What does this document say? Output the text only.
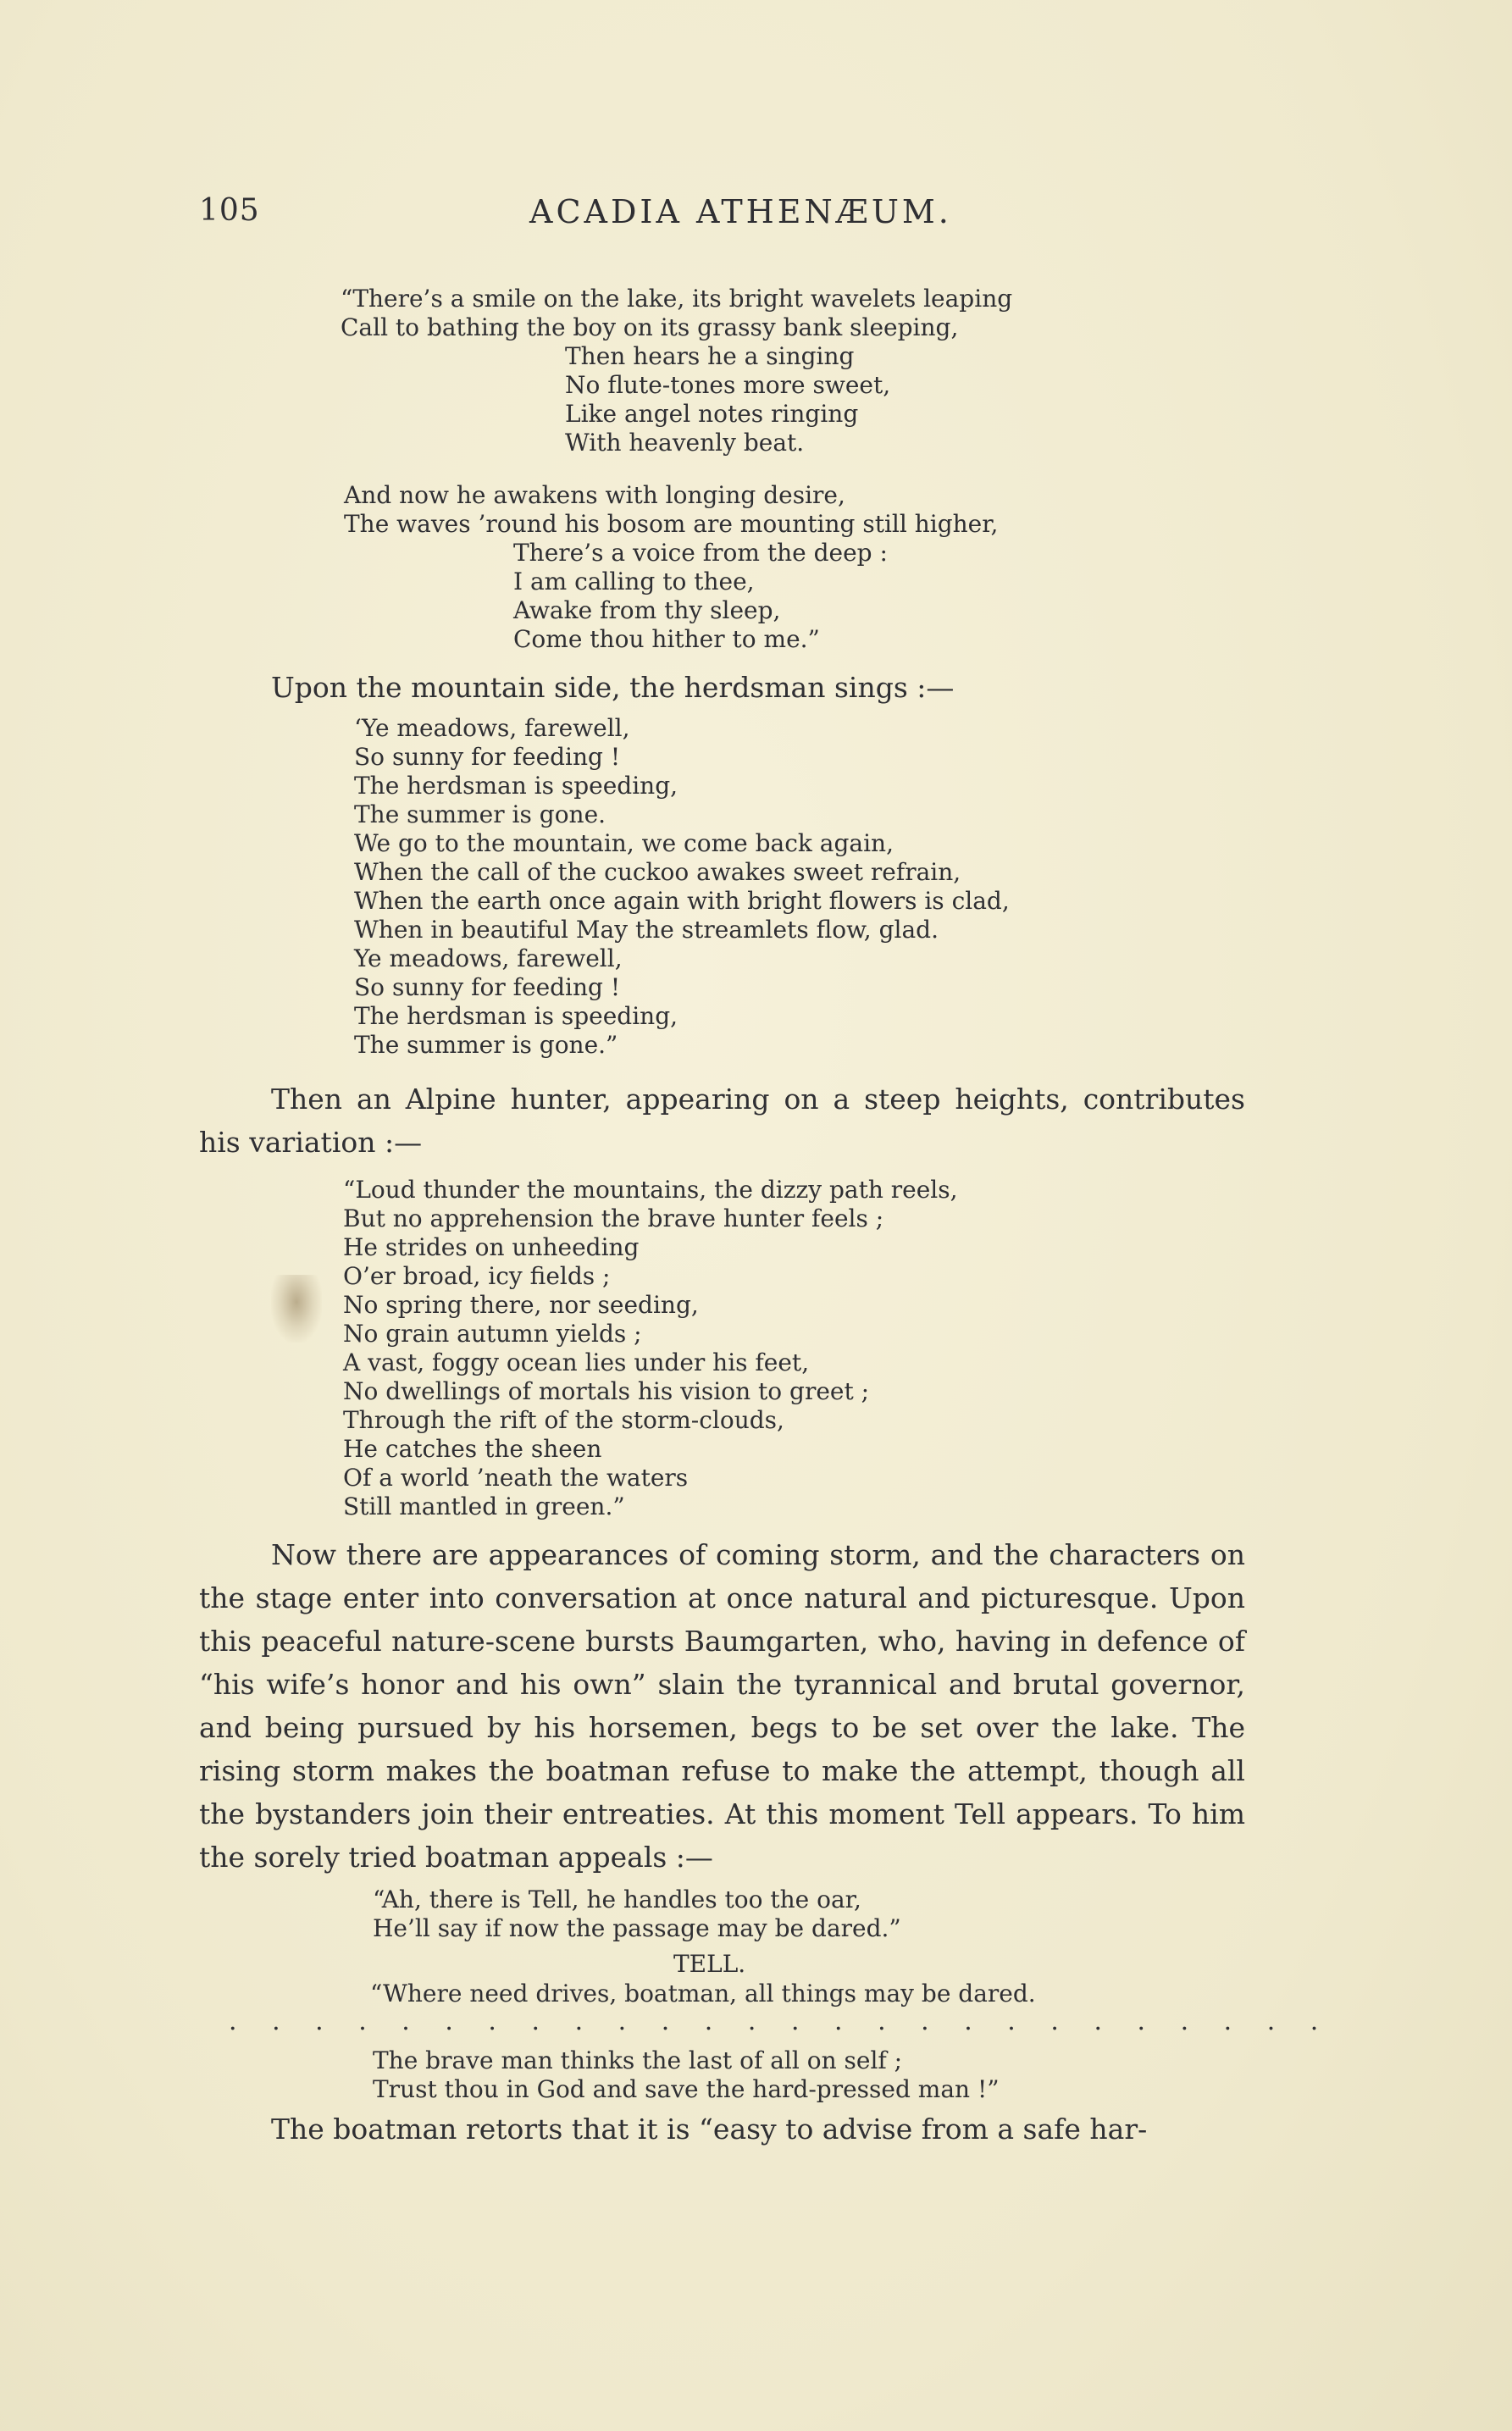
105	ACADIA ATHENÆUM.
“There’s a smile on the lake, its bright wavelets leaping
Call to bathing the boy on its grassy bank sleeping,
Then hears he a singing
No flute-tones more sweet,
Like angel notes ringing
With heavenly beat.
And now he awakens with longing desire,
The waves ’round his bosom are mounting still higher,
There’s a voice from the deep :
I am calling to thee,
Awake from thy sleep,
Come thou hither to me.”

Upon the mountain side, the herdsman sings :—

‘Ye meadows, farewell,
So sunny for feeding !
The herdsman is speeding,
The summer is gone.
We go to the mountain, we come back again,
When the call of the cuckoo awakes sweet refrain,
When the earth once again with bright flowers is clad,
When in beautiful May the streamlets flow, glad.
Ye meadows, farewell,
So sunny for feeding !
The herdsman is speeding,
The summer is gone.”

Then an Alpine hunter, appearing on a steep heights, contributes his variation :—

“Loud thunder the mountains, the dizzy path reels,
But no apprehension the brave hunter feels ;
He strides on unheeding
O’er broad, icy fields ;
No spring there, nor seeding,
No grain autumn yields ;
A vast, foggy ocean lies under his feet,
No dwellings of mortals his vision to greet ;
Through the rift of the storm-clouds,
He catches the sheen
Of a world ’neath the waters
Still mantled in green.”

Now there are appearances of coming storm, and the characters on the stage enter into conversation at once natural and picturesque. Upon this peaceful nature-scene bursts Baumgarten, who, having in defence of “his wife’s honor and his own” slain the tyrannical and brutal governor, and being pursued by his horsemen, begs to be set over the lake. The rising storm makes the boatman refuse to make the attempt, though all the bystanders join their entreaties. At this moment Tell appears. To him the sorely tried boatman appeals :—

“Ah, there is Tell, he handles too the oar,
He’ll say if now the passage may be dared.”
TELL.
“Where need drives, boatman, all things may be dared.
· · · · · · · · · · · · · · · · · · · · · · · · · ·
The brave man thinks the last of all on self ;
Trust thou in God and save the hard-pressed man !”

The boatman retorts that it is “easy to advise from a safe har-
